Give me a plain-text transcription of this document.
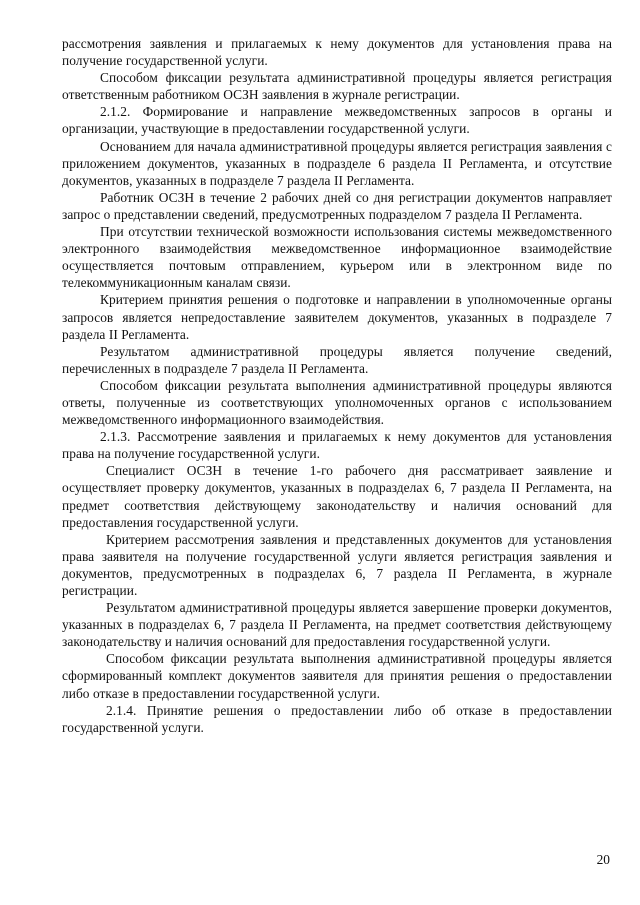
рассмотрения заявления и прилагаемых к нему документов для установления права на получение государственной услуги.

Способом фиксации результата административной процедуры является регистрация ответственным работником ОСЗН заявления в журнале регистрации.

2.1.2. Формирование и направление межведомственных запросов в органы и организации, участвующие в предоставлении государственной услуги.

Основанием для начала административной процедуры является регистрация заявления с приложением документов, указанных в подразделе 6 раздела II Регламента, и отсутствие документов, указанных в подразделе 7 раздела II Регламента.

Работник ОСЗН в течение 2 рабочих дней со дня регистрации документов направляет запрос о представлении сведений, предусмотренных подразделом 7 раздела II Регламента.

При отсутствии технической возможности использования системы межведомственного электронного взаимодействия межведомственное информационное взаимодействие осуществляется почтовым отправлением, курьером или в электронном виде по телекоммуникационным каналам связи.

Критерием принятия решения о подготовке и направлении в уполномоченные органы запросов является непредоставление заявителем документов, указанных в подразделе 7 раздела II Регламента.

Результатом административной процедуры является получение сведений, перечисленных в подразделе 7 раздела II Регламента.

Способом фиксации результата выполнения административной процедуры являются ответы, полученные из соответствующих уполномоченных органов с использованием межведомственного информационного взаимодействия.

2.1.3. Рассмотрение заявления и прилагаемых к нему документов для установления права на получение государственной услуги.

Специалист ОСЗН в течение 1-го рабочего дня рассматривает заявление и осуществляет проверку документов, указанных в подразделах 6, 7 раздела II Регламента, на предмет соответствия действующему законодательству и наличия оснований для предоставления государственной услуги.

Критерием рассмотрения заявления и представленных документов для установления права заявителя на получение государственной услуги является регистрация заявления и документов, предусмотренных в подразделах 6, 7 раздела II Регламента, в журнале регистрации.

Результатом административной процедуры является завершение проверки документов, указанных в подразделах 6, 7 раздела II Регламента, на предмет соответствия действующему законодательству и наличия оснований для предоставления государственной услуги.

Способом фиксации результата выполнения административной процедуры является сформированный комплект документов заявителя для принятия решения о предоставлении либо отказе в предоставлении государственной услуги.

2.1.4. Принятие решения о предоставлении либо об отказе в предоставлении государственной услуги.

20
